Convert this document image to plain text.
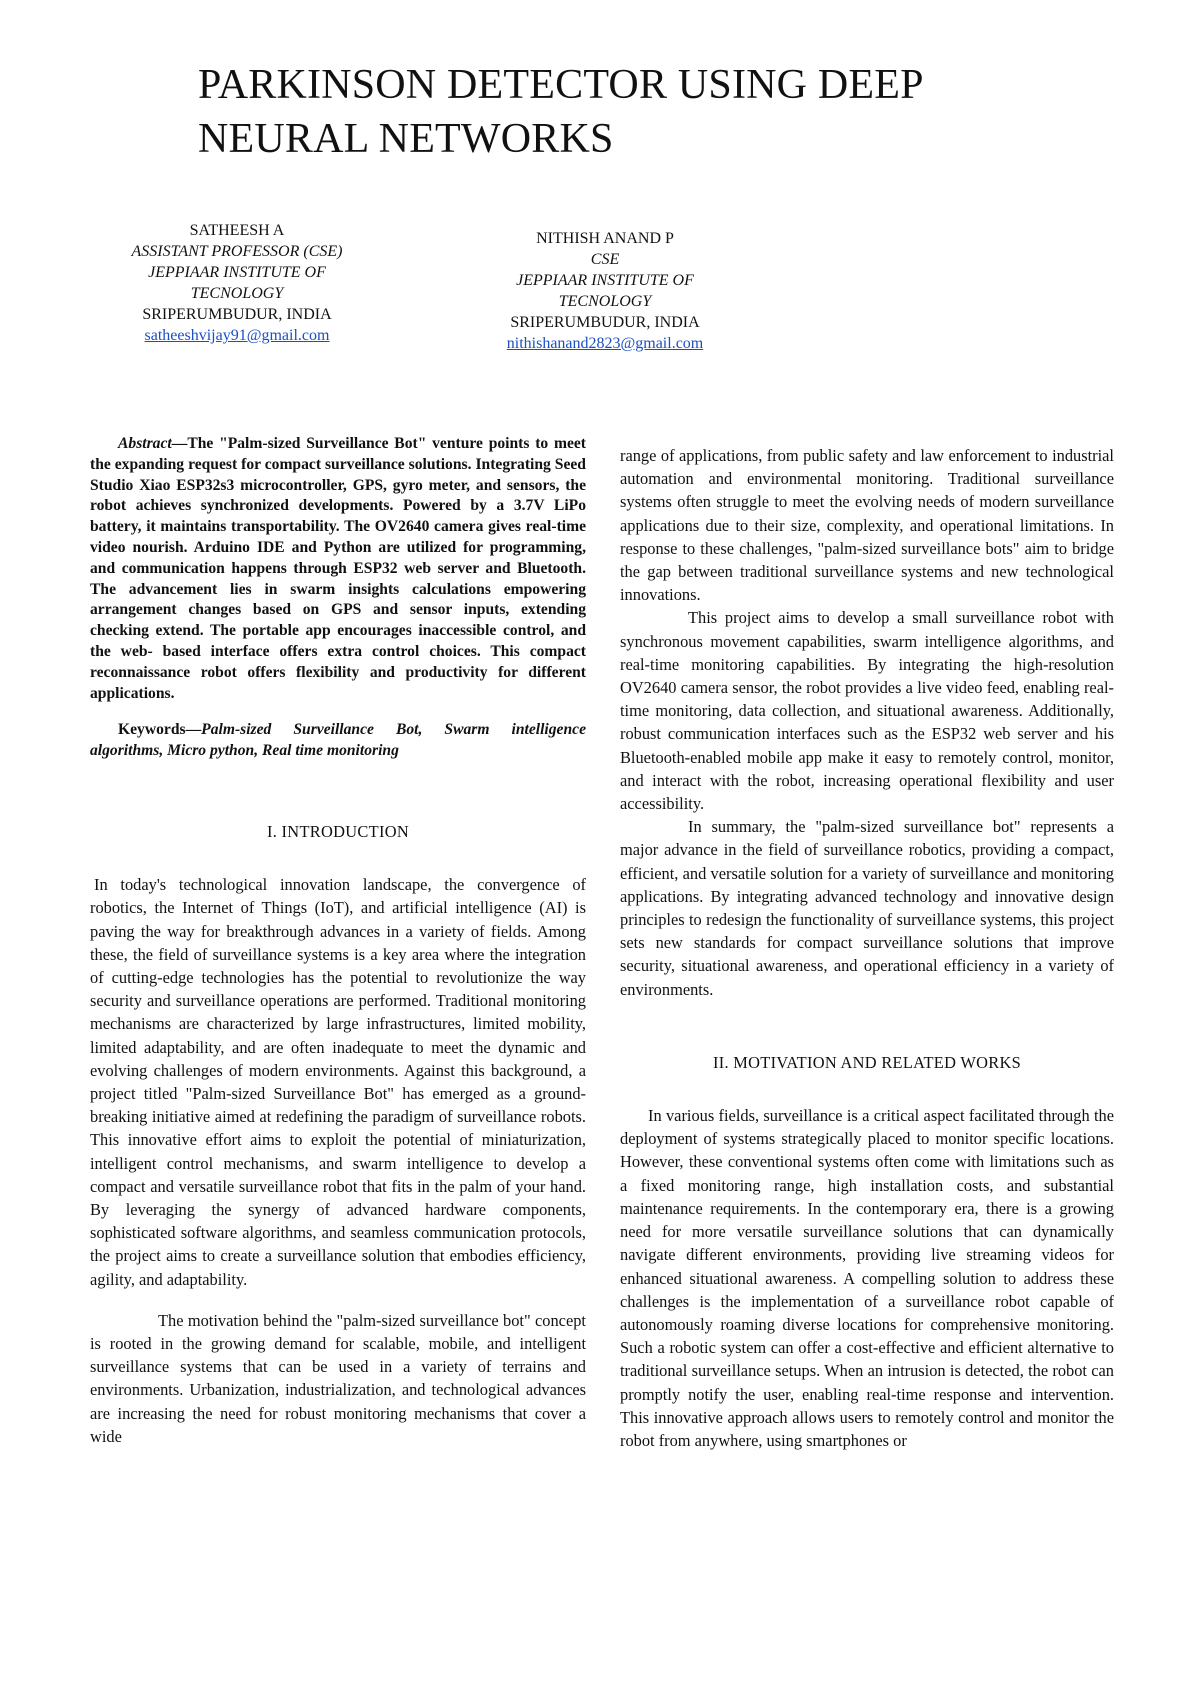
PARKINSON DETECTOR USING DEEP NEURAL NETWORKS
SATHEESH A
ASSISTANT PROFESSOR (CSE)
JEPPIAAR INSTITUTE OF TECNOLOGY
SRIPERUMBUDUR, INDIA
satheeshvijay91@gmail.com
NITHISH ANAND P
CSE
JEPPIAAR INSTITUTE OF TECNOLOGY
SRIPERUMBUDUR, INDIA
nithishanand2823@gmail.com

Abstract—The "Palm-sized Surveillance Bot" venture points to meet the expanding request for compact surveillance solutions. Integrating Seed Studio Xiao ESP32s3 microcontroller, GPS, gyro meter, and sensors, the robot achieves synchronized developments. Powered by a 3.7V LiPo battery, it maintains transportability. The OV2640 camera gives real-time video nourish. Arduino IDE and Python are utilized for programming, and communication happens through ESP32 web server and Bluetooth. The advancement lies in swarm insights calculations empowering arrangement changes based on GPS and sensor inputs, extending checking extend. The portable app encourages inaccessible control, and the web- based interface offers extra control choices. This compact reconnaissance robot offers flexibility and productivity for different applications.

Keywords—Palm-sized Surveillance Bot, Swarm intelligence algorithms, Micro python, Real time monitoring

I. INTRODUCTION

In today's technological innovation landscape, the convergence of robotics, the Internet of Things (IoT), and artificial intelligence (AI) is paving the way for breakthrough advances in a variety of fields. Among these, the field of surveillance systems is a key area where the integration of cutting-edge technologies has the potential to revolutionize the way security and surveillance operations are performed. Traditional monitoring mechanisms are characterized by large infrastructures, limited mobility, limited adaptability, and are often inadequate to meet the dynamic and evolving challenges of modern environments. Against this background, a project titled "Palm-sized Surveillance Bot" has emerged as a ground-breaking initiative aimed at redefining the paradigm of surveillance robots. This innovative effort aims to exploit the potential of miniaturization, intelligent control mechanisms, and swarm intelligence to develop a compact and versatile surveillance robot that fits in the palm of your hand. By leveraging the synergy of advanced hardware components, sophisticated software algorithms, and seamless communication protocols, the project aims to create a surveillance solution that embodies efficiency, agility, and adaptability.

The motivation behind the "palm-sized surveillance bot" concept is rooted in the growing demand for scalable, mobile, and intelligent surveillance systems that can be used in a variety of terrains and environments. Urbanization, industrialization, and technological advances are increasing the need for robust monitoring mechanisms that cover a wide

range of applications, from public safety and law enforcement to industrial automation and environmental monitoring. Traditional surveillance systems often struggle to meet the evolving needs of modern surveillance applications due to their size, complexity, and operational limitations. In response to these challenges, "palm-sized surveillance bots" aim to bridge the gap between traditional surveillance systems and new technological innovations.

This project aims to develop a small surveillance robot with synchronous movement capabilities, swarm intelligence algorithms, and real-time monitoring capabilities. By integrating the high-resolution OV2640 camera sensor, the robot provides a live video feed, enabling real-time monitoring, data collection, and situational awareness. Additionally, robust communication interfaces such as the ESP32 web server and his Bluetooth-enabled mobile app make it easy to remotely control, monitor, and interact with the robot, increasing operational flexibility and user accessibility.

In summary, the "palm-sized surveillance bot" represents a major advance in the field of surveillance robotics, providing a compact, efficient, and versatile solution for a variety of surveillance and monitoring applications. By integrating advanced technology and innovative design principles to redesign the functionality of surveillance systems, this project sets new standards for compact surveillance solutions that improve security, situational awareness, and operational efficiency in a variety of environments.

II. MOTIVATION AND RELATED WORKS

In various fields, surveillance is a critical aspect facilitated through the deployment of systems strategically placed to monitor specific locations. However, these conventional systems often come with limitations such as a fixed monitoring range, high installation costs, and substantial maintenance requirements. In the contemporary era, there is a growing need for more versatile surveillance solutions that can dynamically navigate different environments, providing live streaming videos for enhanced situational awareness. A compelling solution to address these challenges is the implementation of a surveillance robot capable of autonomously roaming diverse locations for comprehensive monitoring. Such a robotic system can offer a cost-effective and efficient alternative to traditional surveillance setups. When an intrusion is detected, the robot can promptly notify the user, enabling real-time response and intervention. This innovative approach allows users to remotely control and monitor the robot from anywhere, using smartphones or
